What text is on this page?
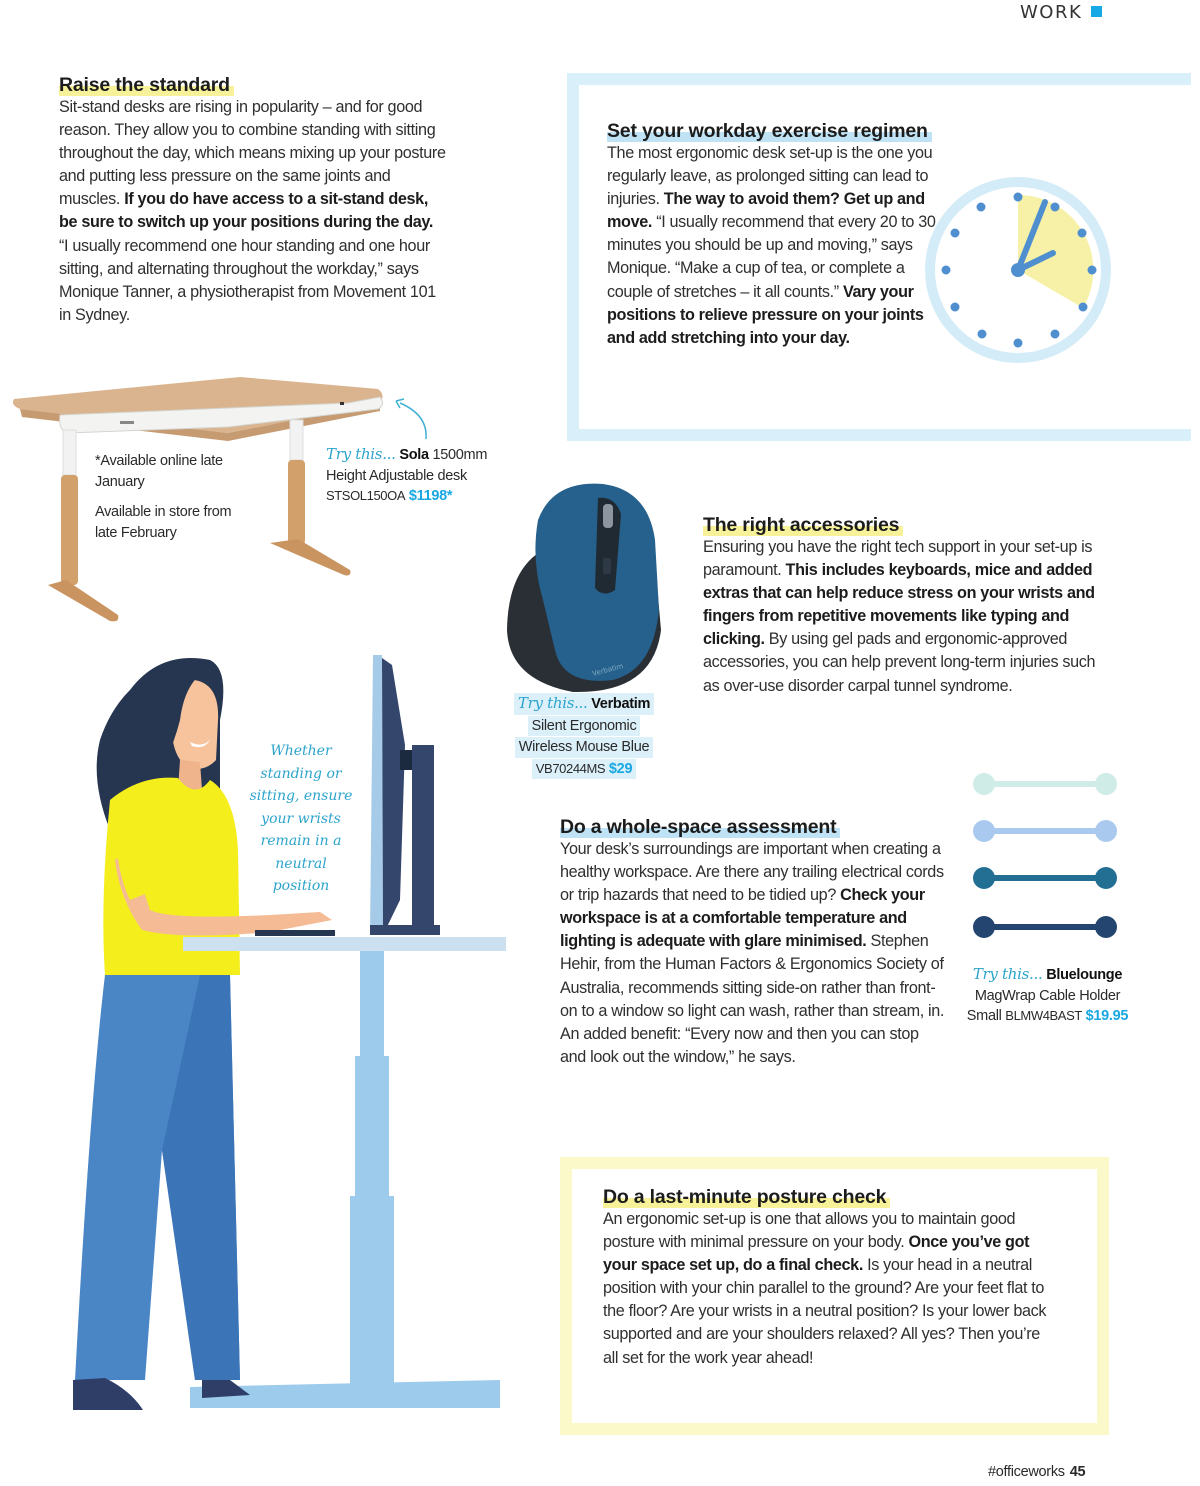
WORK
Raise the standard

Sit-stand desks are rising in popularity – and for good reason. They allow you to combine standing with sitting throughout the day, which means mixing up your posture and putting less pressure on the same joints and muscles. If you do have access to a sit-stand desk, be sure to switch up your positions during the day.

“I usually recommend one hour standing and one hour sitting, and alternating throughout the workday,” says Monique Tanner, a physiotherapist from Movement 101 in Sydney.

*Available online late January
Available in store from late February
Try this... Sola 1500mm
Height Adjustable desk
STSOL150OA $1198*
Set your workday exercise regimen

The most ergonomic desk set-up is the one you regularly leave, as prolonged sitting can lead to injuries. The way to avoid them? Get up and move. “I usually recommend that every 20 to 30 minutes you should be up and moving,” says Monique. “Make a cup of tea, or complete a couple of stretches – it all counts.” Vary your positions to relieve pressure on your joints and add stretching into your day.

Verbatim
Try this... Verbatim
Silent Ergonomic
Wireless Mouse Blue
VB70244MS $29
The right accessories

Ensuring you have the right tech support in your set-up is paramount. This includes keyboards, mice and added extras that can help reduce stress on your wrists and fingers from repetitive movements like typing and clicking. By using gel pads and ergonomic-approved accessories, you can help prevent long-term injuries such as over-use disorder carpal tunnel syndrome.

Whether
standing or
sitting, ensure
your wrists
remain in a
neutral position
Do a whole-space assessment

Your desk’s surroundings are important when creating a healthy workspace. Are there any trailing electrical cords or trip hazards that need to be tidied up? Check your workspace is at a comfortable temperature and lighting is adequate with glare minimised. Stephen Hehir, from the Human Factors & Ergonomics Society of Australia, recommends sitting side-on rather than front-on to a window so light can wash, rather than stream, in. An added benefit: “Every now and then you can stop and look out the window,” he says.

Try this... Bluelounge
MagWrap Cable Holder
Small BLMW4BAST $19.95
Do a last-minute posture check

An ergonomic set-up is one that allows you to maintain good posture with minimal pressure on your body. Once you’ve got your space set up, do a final check. Is your head in a neutral position with your chin parallel to the ground? Are your feet flat to the floor? Are your wrists in a neutral position? Is your lower back supported and are your shoulders relaxed? All yes? Then you’re all set for the work year ahead!

#officeworks 45
